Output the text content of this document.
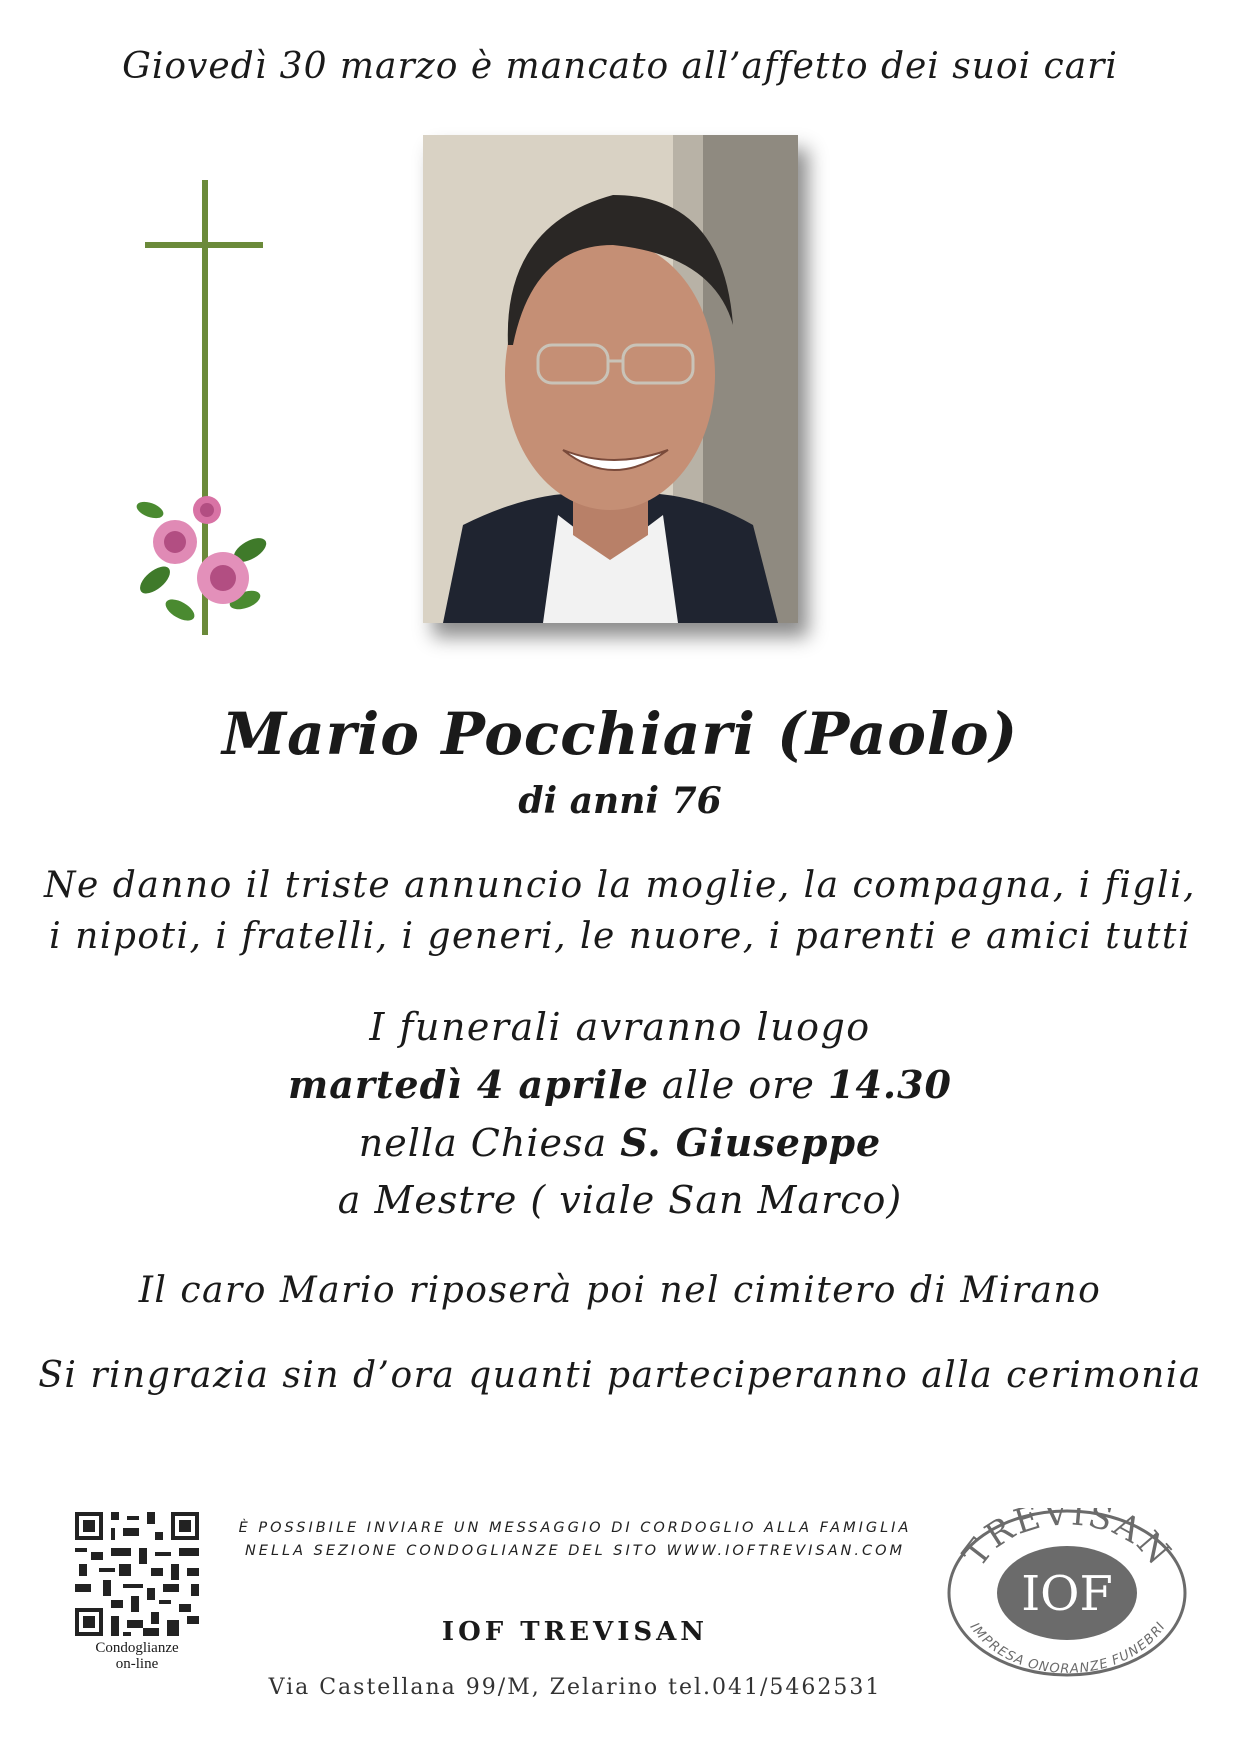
Giovedì 30 marzo è mancato all’affetto dei suoi cari
Mario Pocchiari (Paolo)
di anni 76
Ne danno il triste annuncio la moglie, la compagna, i figli,
i nipoti, i fratelli, i generi, le nuore, i parenti e amici tutti
I funerali avranno luogo
martedì 4 aprile alle ore 14.30
nella Chiesa S. Giuseppe
a Mestre ( viale San Marco)
Il caro Mario riposerà poi nel cimitero di Mirano
Si ringrazia sin d’ora quanti parteciperanno alla cerimonia
Condoglianze
on-line
È POSSIBILE INVIARE UN MESSAGGIO DI CORDOGLIO ALLA FAMIGLIA
NELLA SEZIONE CONDOGLIANZE DEL SITO WWW.IOFTREVISAN.COM
IOF TREVISAN
Via Castellana 99/M, Zelarino tel.041/5462531
TREVISAN
IOF
IMPRESA ONORANZE FUNEBRI
